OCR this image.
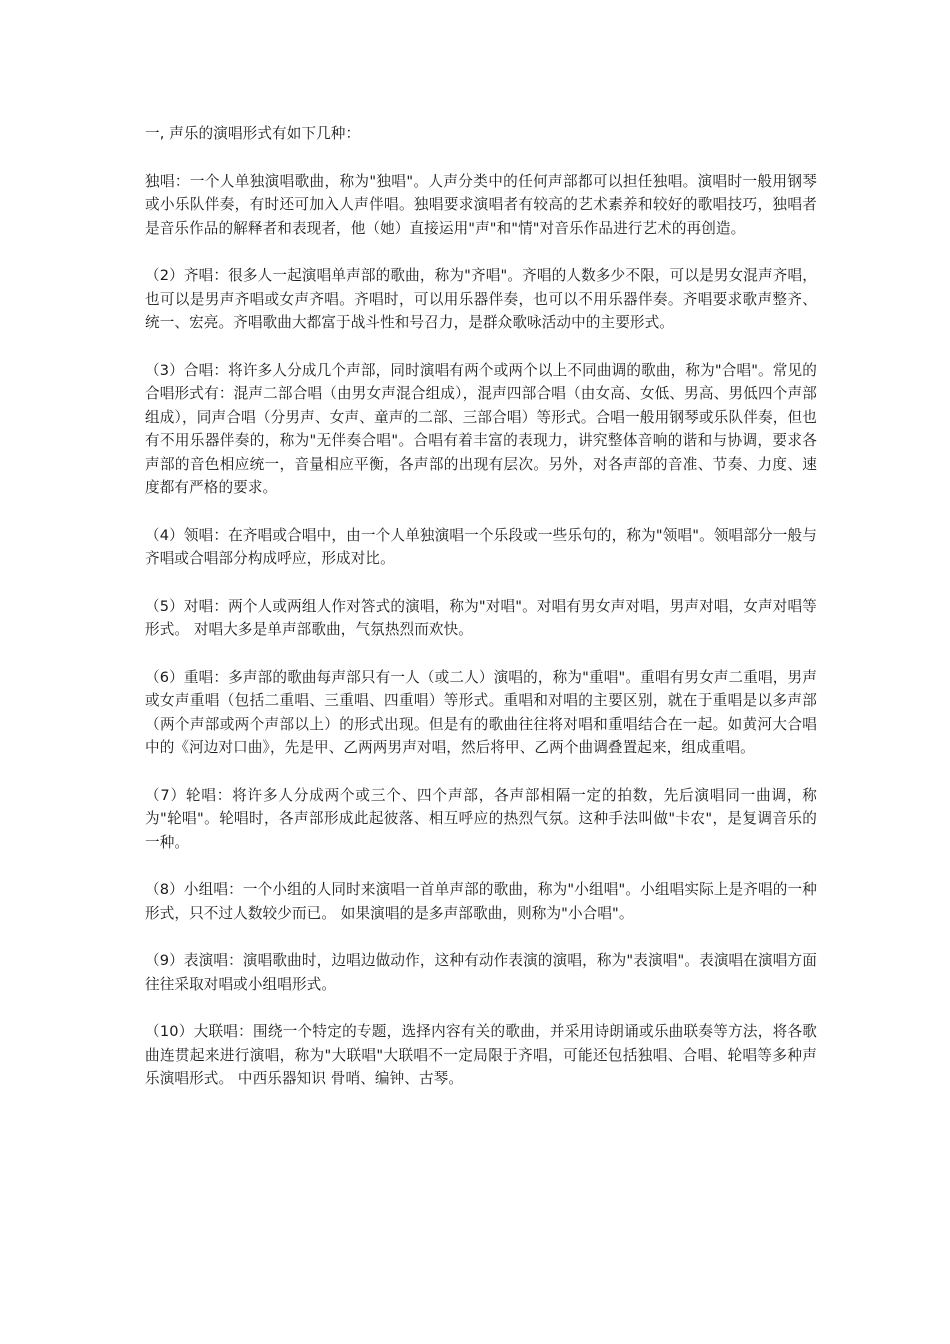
一, 声乐的演唱形式有如下几种：

独唱：一个人单独演唱歌曲，称为"独唱"。人声分类中的任何声部都可以担任独唱。演唱时一般用钢琴或小乐队伴奏，有时还可加入人声伴唱。独唱要求演唱者有较高的艺术素养和较好的歌唱技巧，独唱者是音乐作品的解释者和表现者，他（她）直接运用"声"和"情"对音乐作品进行艺术的再创造。

（2）齐唱：很多人一起演唱单声部的歌曲，称为"齐唱"。齐唱的人数多少不限，可以是男女混声齐唱，也可以是男声齐唱或女声齐唱。齐唱时，可以用乐器伴奏，也可以不用乐器伴奏。齐唱要求歌声整齐、统一、宏亮。齐唱歌曲大都富于战斗性和号召力，是群众歌咏活动中的主要形式。

（3）合唱：将许多人分成几个声部，同时演唱有两个或两个以上不同曲调的歌曲，称为"合唱"。常见的合唱形式有：混声二部合唱（由男女声混合组成），混声四部合唱（由女高、女低、男高、男低四个声部组成），同声合唱（分男声、女声、童声的二部、三部合唱）等形式。合唱一般用钢琴或乐队伴奏，但也有不用乐器伴奏的，称为"无伴奏合唱"。合唱有着丰富的表现力，讲究整体音响的谐和与协调，要求各声部的音色相应统一，音量相应平衡，各声部的出现有层次。另外，对各声部的音准、节奏、力度、速度都有严格的要求。

（4）领唱：在齐唱或合唱中，由一个人单独演唱一个乐段或一些乐句的，称为"领唱"。领唱部分一般与齐唱或合唱部分构成呼应，形成对比。

（5）对唱：两个人或两组人作对答式的演唱，称为"对唱"。对唱有男女声对唱，男声对唱，女声对唱等形式。 对唱大多是单声部歌曲，气氛热烈而欢快。

（6）重唱：多声部的歌曲每声部只有一人（或二人）演唱的，称为"重唱"。重唱有男女声二重唱，男声或女声重唱（包括二重唱、三重唱、四重唱）等形式。重唱和对唱的主要区别，就在于重唱是以多声部（两个声部或两个声部以上）的形式出现。但是有的歌曲往往将对唱和重唱结合在一起。如黄河大合唱中的《河边对口曲》，先是甲、乙两两男声对唱，然后将甲、乙两个曲调叠置起来，组成重唱。

（7）轮唱：将许多人分成两个或三个、四个声部，各声部相隔一定的拍数，先后演唱同一曲调，称为"轮唱"。轮唱时，各声部形成此起彼落、相互呼应的热烈气氛。这种手法叫做"卡农"，是复调音乐的一种。

（8）小组唱：一个小组的人同时来演唱一首单声部的歌曲，称为"小组唱"。小组唱实际上是齐唱的一种形式，只不过人数较少而已。 如果演唱的是多声部歌曲，则称为"小合唱"。

（9）表演唱：演唱歌曲时，边唱边做动作，这种有动作表演的演唱，称为"表演唱"。表演唱在演唱方面往往采取对唱或小组唱形式。

（10）大联唱：围绕一个特定的专题，选择内容有关的歌曲，并采用诗朗诵或乐曲联奏等方法，将各歌曲连贯起来进行演唱，称为"大联唱"大联唱不一定局限于齐唱，可能还包括独唱、合唱、轮唱等多种声乐演唱形式。 中西乐器知识 骨哨、编钟、古琴。
